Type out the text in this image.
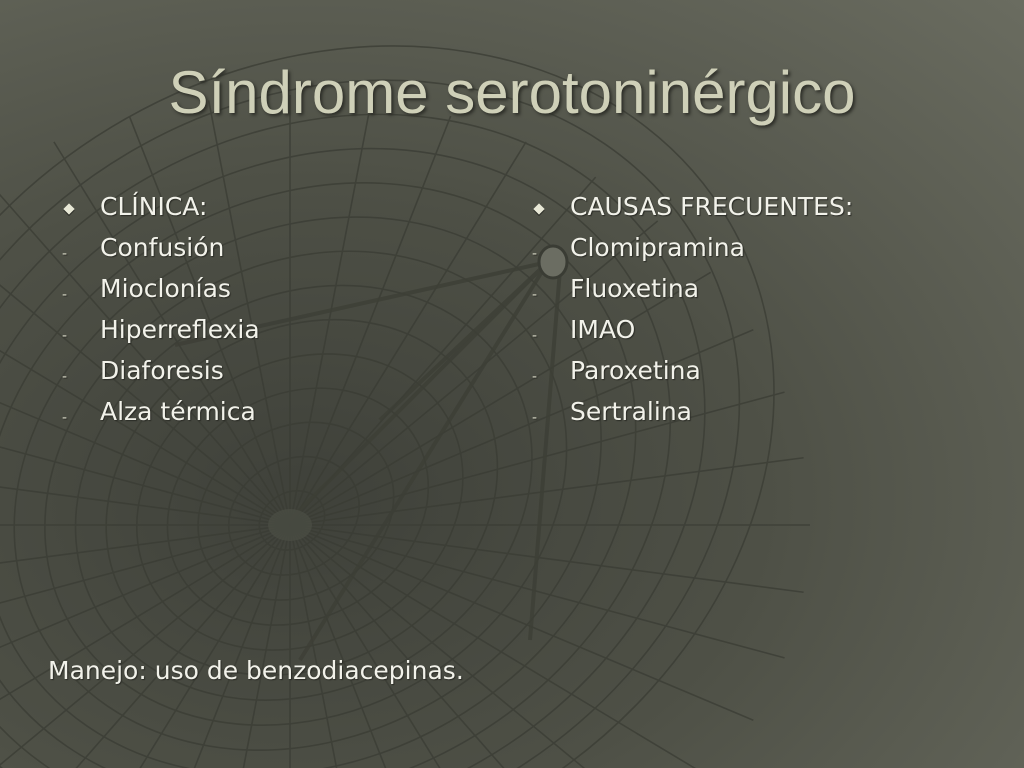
Síndrome serotoninérgico
CLÍNICA:
-	Confusión
-	Mioclonías
-	Hiperreflexia
-	Diaforesis
-	Alza térmica
CAUSAS FRECUENTES:
-	Clomipramina
-	Fluoxetina
-	IMAO
-	Paroxetina
-	Sertralina
Manejo: uso de benzodiacepinas.
